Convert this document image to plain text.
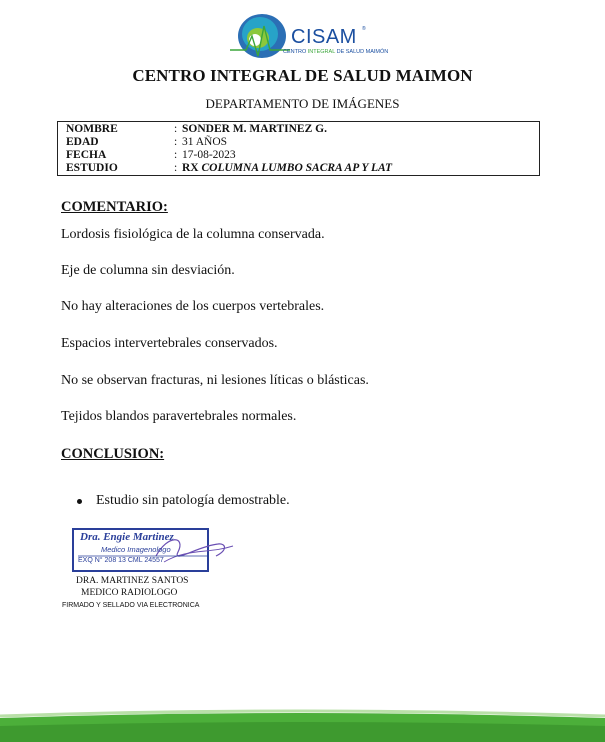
CISAM ®
CENTRO INTEGRAL DE SALUD MAIMÓN
CENTRO INTEGRAL DE SALUD MAIMON
DEPARTAMENTO DE IMÁGENES
NOMBRE	: SONDER M. MARTINEZ G.
EDAD	: 31 AÑOS
FECHA	: 17-08-2023
ESTUDIO	: RX COLUMNA LUMBO SACRA AP Y LAT
COMENTARIO:
Lordosis fisiológica de la columna conservada.
Eje de columna sin desviación.
No hay alteraciones de los cuerpos vertebrales.
Espacios intervertebrales conservados.
No se observan fracturas, ni lesiones líticas o blásticas.
Tejidos blandos paravertebrales normales.
CONCLUSION:
Estudio sin patología demostrable.
Dra. Engie Martinez
Medico Imagenologo
EXQ N° 208 13 CML 24557
DRA. MARTINEZ SANTOS
MEDICO RADIOLOGO
FIRMADO Y SELLADO VIA ELECTRONICA
